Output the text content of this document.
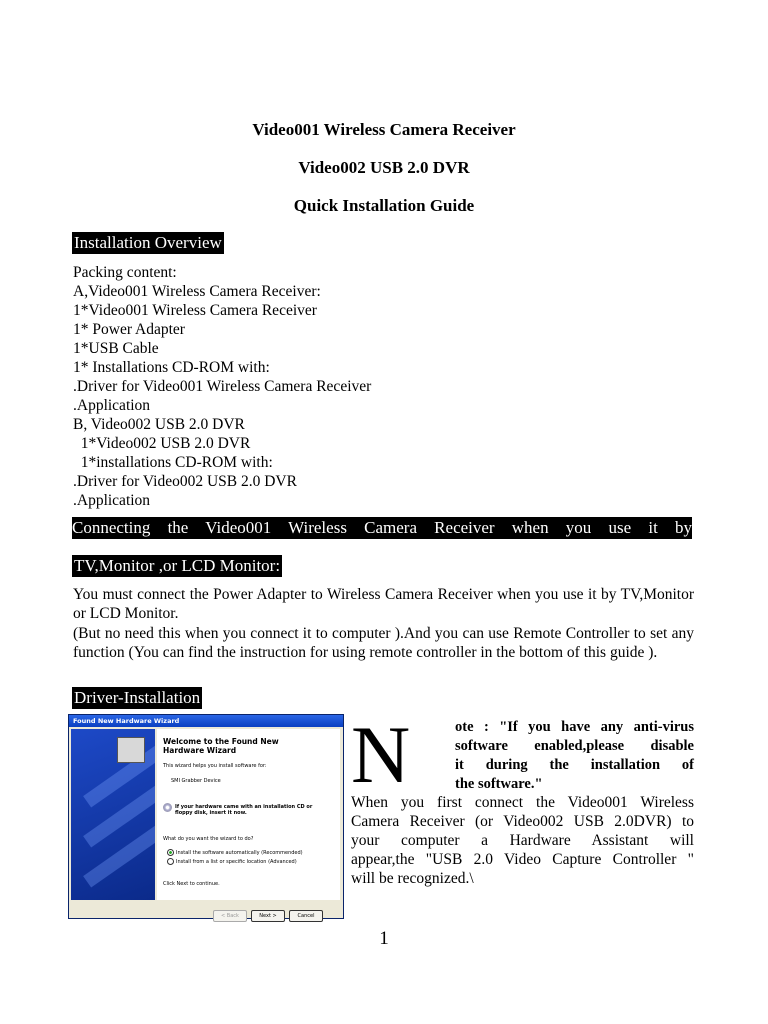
Video001 Wireless Camera Receiver
Video002 USB 2.0 DVR
Quick Installation Guide
Installation Overview
Packing content:
A,Video001 Wireless Camera Receiver:
1*Video001 Wireless Camera Receiver
1* Power Adapter
1*USB Cable
1* Installations CD-ROM with:
.Driver for Video001 Wireless Camera Receiver
.Application
B, Video002 USB 2.0 DVR
1*Video002 USB 2.0 DVR
1*installations CD-ROM with:
.Driver for Video002 USB 2.0 DVR
.Application
Connecting the Video001 Wireless Camera Receiver when you use it by
TV,Monitor ,or LCD Monitor:
You must connect the Power Adapter to Wireless Camera Receiver when you use it by TV,Monitor or LCD Monitor.
(But no need this when you connect it to computer ).And you can use Remote Controller to set any function (You can find the instruction for using remote controller in the bottom of this guide ).
Driver-Installation
Found New Hardware Wizard
Welcome to the Found New Hardware Wizard
This wizard helps you install software for:
SMI Grabber Device
If your hardware came with an installation CD or floppy disk, insert it now.
What do you want the wizard to do?
Install the software automatically (Recommended)
Install from a list or specific location (Advanced)
Click Next to continue.
< Back	Next >	Cancel
N	ote : "If you have any anti-virus
software enabled,please disable
it during the installation of
the software."
When you first connect the Video001 Wireless
Camera Receiver (or Video002 USB 2.0DVR) to
your computer a Hardware Assistant will
appear,the "USB 2.0 Video Capture Controller "
will be recognized.\
1
